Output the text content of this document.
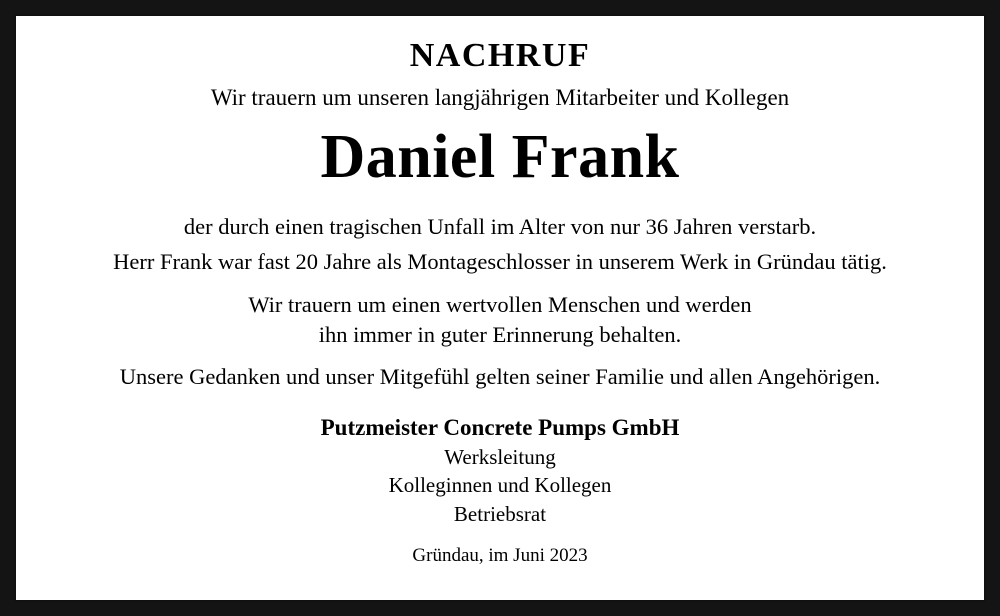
NACHRUF
Wir trauern um unseren langjährigen Mitarbeiter und Kollegen
Daniel Frank
der durch einen tragischen Unfall im Alter von nur 36 Jahren verstarb.
Herr Frank war fast 20 Jahre als Montageschlosser in unserem Werk in Gründau tätig.
Wir trauern um einen wertvollen Menschen und werden
ihn immer in guter Erinnerung behalten.
Unsere Gedanken und unser Mitgefühl gelten seiner Familie und allen Angehörigen.
Putzmeister Concrete Pumps GmbH
Werksleitung
Kolleginnen und Kollegen
Betriebsrat
Gründau, im Juni 2023
